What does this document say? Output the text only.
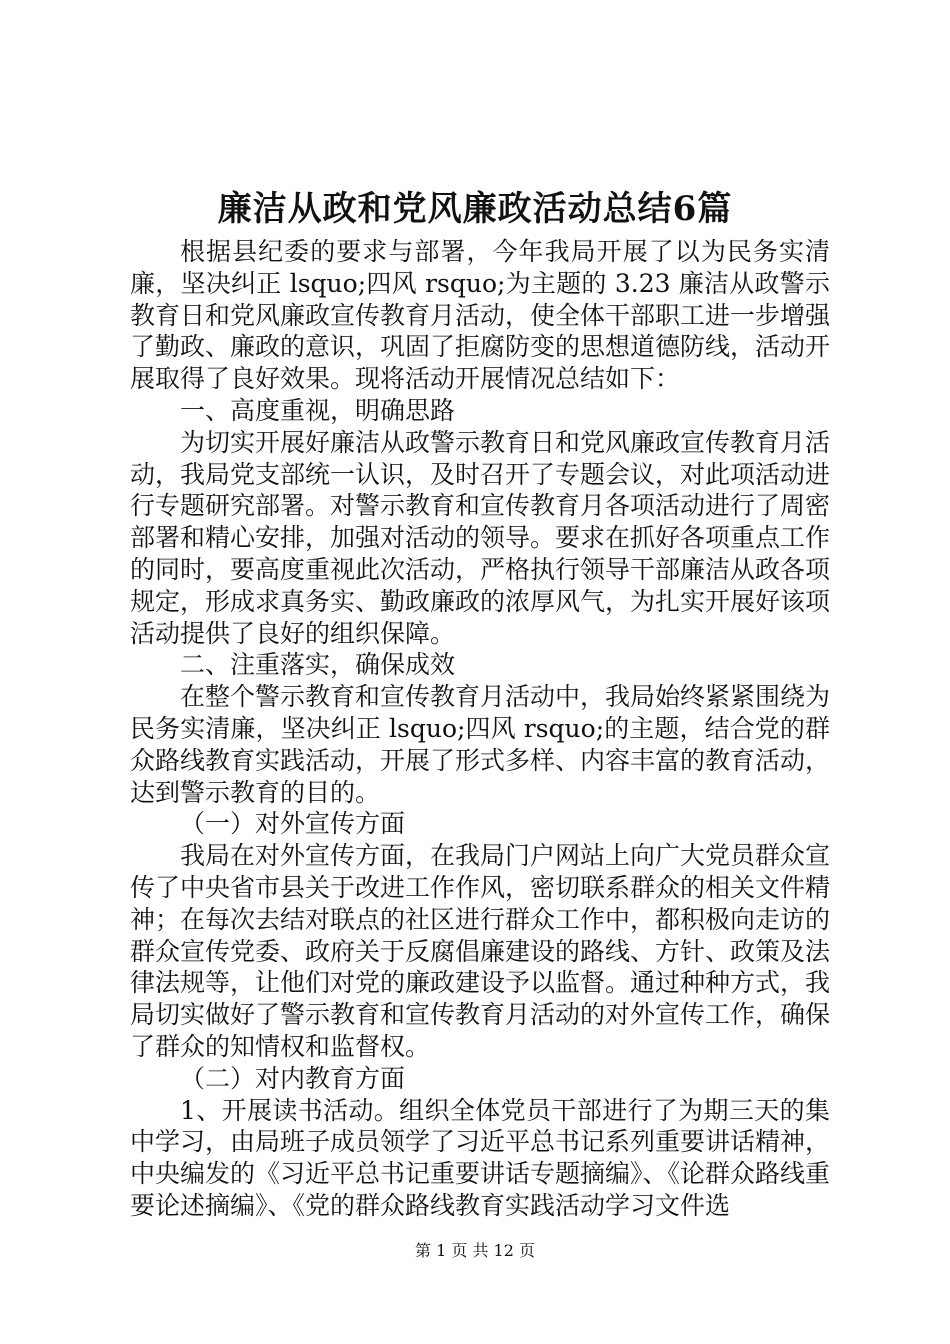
廉洁从政和党风廉政活动总结6篇

根据县纪委的要求与部署，今年我局开展了以为民务实清廉，坚决纠正 lsquo;四风 rsquo;为主题的 3.23 廉洁从政警示教育日和党风廉政宣传教育月活动，使全体干部职工进一步增强了勤政、廉政的意识，巩固了拒腐防变的思想道德防线，活动开展取得了良好效果。现将活动开展情况总结如下：

一、高度重视，明确思路

为切实开展好廉洁从政警示教育日和党风廉政宣传教育月活动，我局党支部统一认识，及时召开了专题会议，对此项活动进行专题研究部署。对警示教育和宣传教育月各项活动进行了周密部署和精心安排，加强对活动的领导。要求在抓好各项重点工作的同时，要高度重视此次活动，严格执行领导干部廉洁从政各项规定，形成求真务实、勤政廉政的浓厚风气，为扎实开展好该项活动提供了良好的组织保障。

二、注重落实，确保成效

在整个警示教育和宣传教育月活动中，我局始终紧紧围绕为民务实清廉，坚决纠正 lsquo;四风 rsquo;的主题，结合党的群众路线教育实践活动，开展了形式多样、内容丰富的教育活动，达到警示教育的目的。

（一）对外宣传方面

我局在对外宣传方面，在我局门户网站上向广大党员群众宣传了中央省市县关于改进工作作风，密切联系群众的相关文件精神；在每次去结对联点的社区进行群众工作中，都积极向走访的群众宣传党委、政府关于反腐倡廉建设的路线、方针、政策及法律法规等，让他们对党的廉政建设予以监督。通过种种方式，我局切实做好了警示教育和宣传教育月活动的对外宣传工作，确保了群众的知情权和监督权。

（二）对内教育方面

1、开展读书活动。组织全体党员干部进行了为期三天的集中学习，由局班子成员领学了习近平总书记系列重要讲话精神，中央编发的《习近平总书记重要讲话专题摘编》、《论群众路线重要论述摘编》、《党的群众路线教育实践活动学习文件选

第 1 页 共 12 页
